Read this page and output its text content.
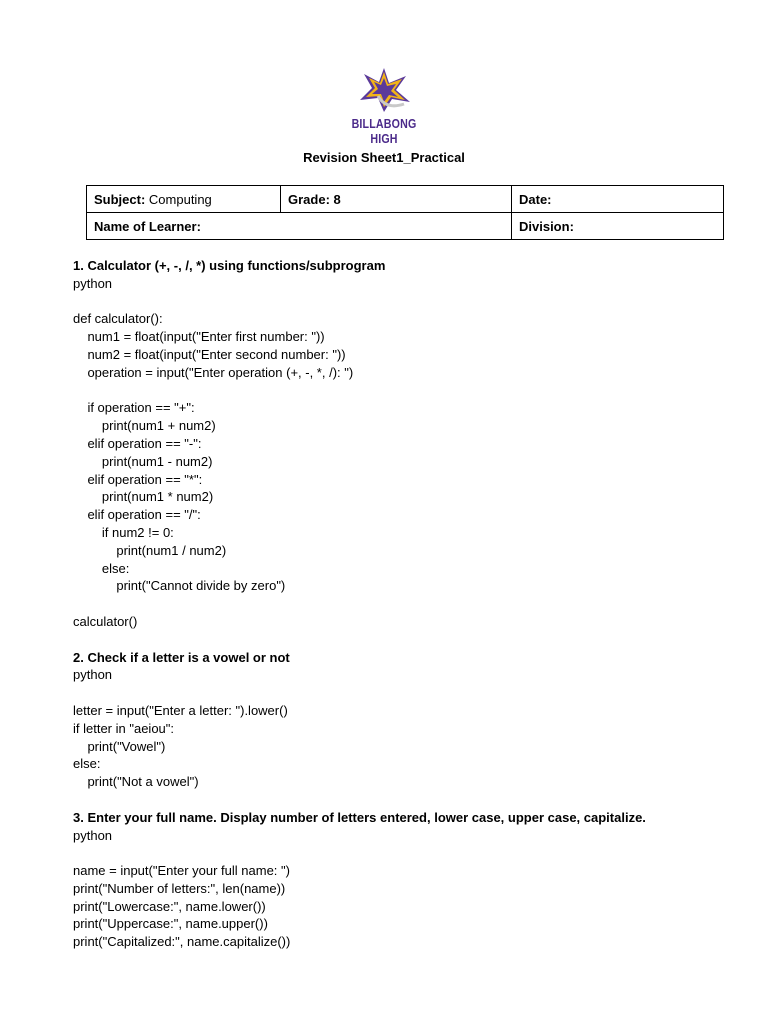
BILLABONG HIGH
Revision Sheet1_Practical
Subject: Computing	Grade: 8	Date:
Name of Learner:		Division:
1. Calculator (+, -, /, *) using functions/subprogram
python
def calculator():
num1 = float(input("Enter first number: "))
num2 = float(input("Enter second number: "))
operation = input("Enter operation (+, -, *, /): ")
if operation == "+":
print(num1 + num2)
elif operation == "-":
print(num1 - num2)
elif operation == "*":
print(num1 * num2)
elif operation == "/":
if num2 != 0:
print(num1 / num2)
else:
print("Cannot divide by zero")
calculator()
2. Check if a letter is a vowel or not
python
letter = input("Enter a letter: ").lower()
if letter in "aeiou":
print("Vowel")
else:
print("Not a vowel")
3. Enter your full name. Display number of letters entered, lower case, upper case, capitalize.
python
name = input("Enter your full name: ")
print("Number of letters:", len(name))
print("Lowercase:", name.lower())
print("Uppercase:", name.upper())
print("Capitalized:", name.capitalize())
